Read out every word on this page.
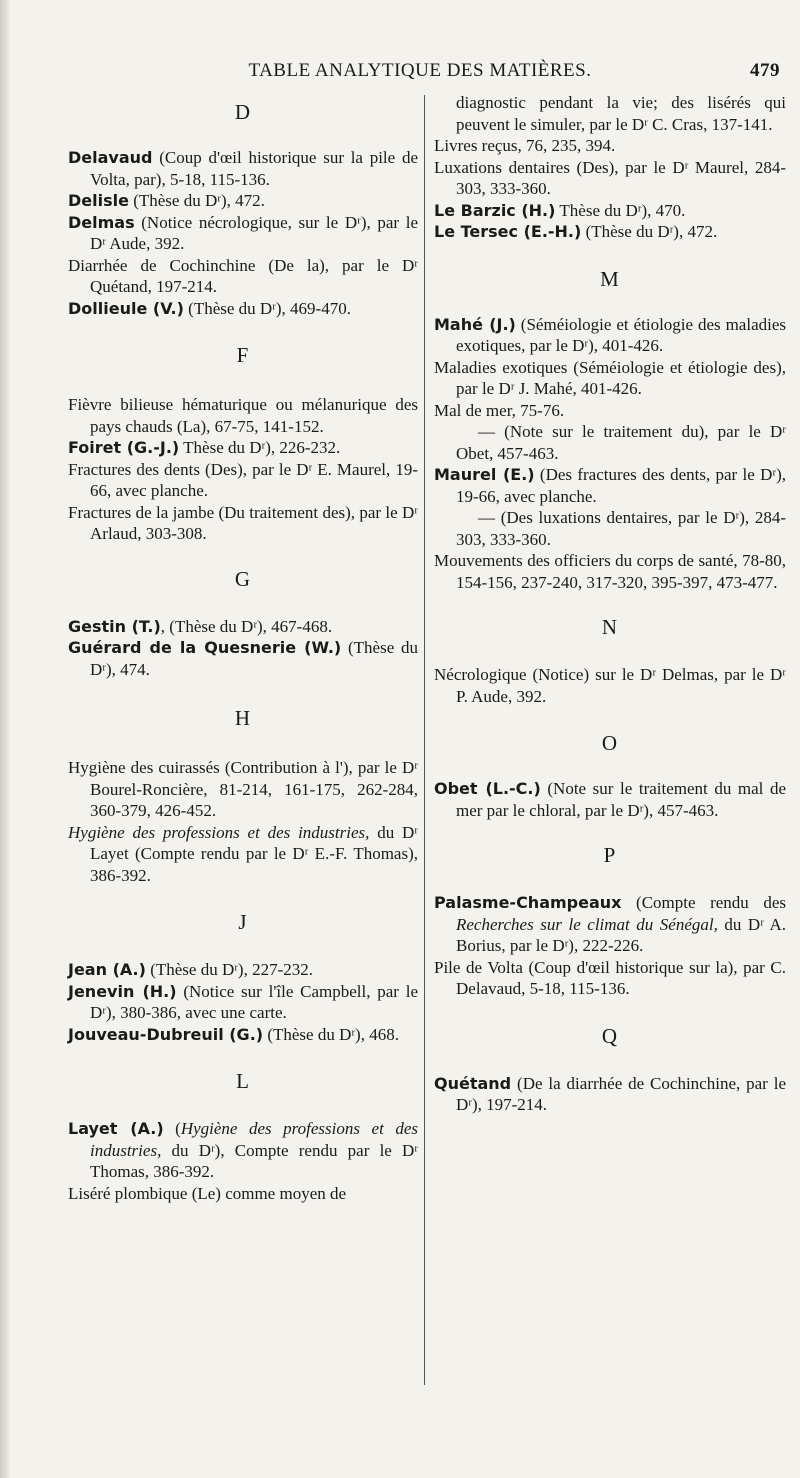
TABLE ANALYTIQUE DES MATIÈRES.	479
D

Delavaud (Coup d'œil historique sur la pile de Volta, par), 5-18, 115-136.

Delisle (Thèse du Dʳ), 472.

Delmas (Notice nécrologique, sur le Dʳ), par le Dʳ Aude, 392.

Diarrhée de Cochinchine (De la), par le Dʳ Quétand, 197-214.

Dollieule (V.) (Thèse du Dʳ), 469-470.

F

Fièvre bilieuse hématurique ou mélanurique des pays chauds (La), 67-75, 141-152.

Foiret (G.-J.) Thèse du Dʳ), 226-232.

Fractures des dents (Des), par le Dʳ E. Maurel, 19-66, avec planche.

Fractures de la jambe (Du traitement des), par le Dʳ Arlaud, 303-308.

G

Gestin (T.), (Thèse du Dʳ), 467-468.

Guérard de la Quesnerie (W.) (Thèse du Dʳ), 474.

H

Hygiène des cuirassés (Contribution à l'), par le Dʳ Bourel-Roncière, 81-214, 161-175, 262-284, 360-379, 426-452.

Hygiène des professions et des industries, du Dʳ Layet (Compte rendu par le Dʳ E.-F. Thomas), 386-392.

J

Jean (A.) (Thèse du Dʳ), 227-232.

Jenevin (H.) (Notice sur l'île Campbell, par le Dʳ), 380-386, avec une carte.

Jouveau-Dubreuil (G.) (Thèse du Dʳ), 468.

L

Layet (A.) (Hygiène des professions et des industries, du Dʳ), Compte rendu par le Dʳ Thomas, 386-392.

Liséré plombique (Le) comme moyen de

diagnostic pendant la vie; des lisérés qui peuvent le simuler, par le Dʳ C. Cras, 137-141.

Livres reçus, 76, 235, 394.

Luxations dentaires (Des), par le Dʳ Maurel, 284-303, 333-360.

Le Barzic (H.) Thèse du Dʳ), 470.

Le Tersec (E.-H.) (Thèse du Dʳ), 472.

M

Mahé (J.) (Séméiologie et étiologie des maladies exotiques, par le Dʳ), 401-426.

Maladies exotiques (Séméiologie et étiologie des), par le Dʳ J. Mahé, 401-426.

Mal de mer, 75-76.

— (Note sur le traitement du), par le Dʳ Obet, 457-463.

Maurel (E.) (Des fractures des dents, par le Dʳ), 19-66, avec planche.

— (Des luxations dentaires, par le Dʳ), 284-303, 333-360.

Mouvements des officiers du corps de santé, 78-80, 154-156, 237-240, 317-320, 395-397, 473-477.

N

Nécrologique (Notice) sur le Dʳ Delmas, par le Dʳ P. Aude, 392.

O

Obet (L.-C.) (Note sur le traitement du mal de mer par le chloral, par le Dʳ), 457-463.

P

Palasme-Champeaux (Compte rendu des Recherches sur le climat du Sénégal, du Dʳ A. Borius, par le Dʳ), 222-226.

Pile de Volta (Coup d'œil historique sur la), par C. Delavaud, 5-18, 115-136.

Q

Quétand (De la diarrhée de Cochinchine, par le Dʳ), 197-214.
